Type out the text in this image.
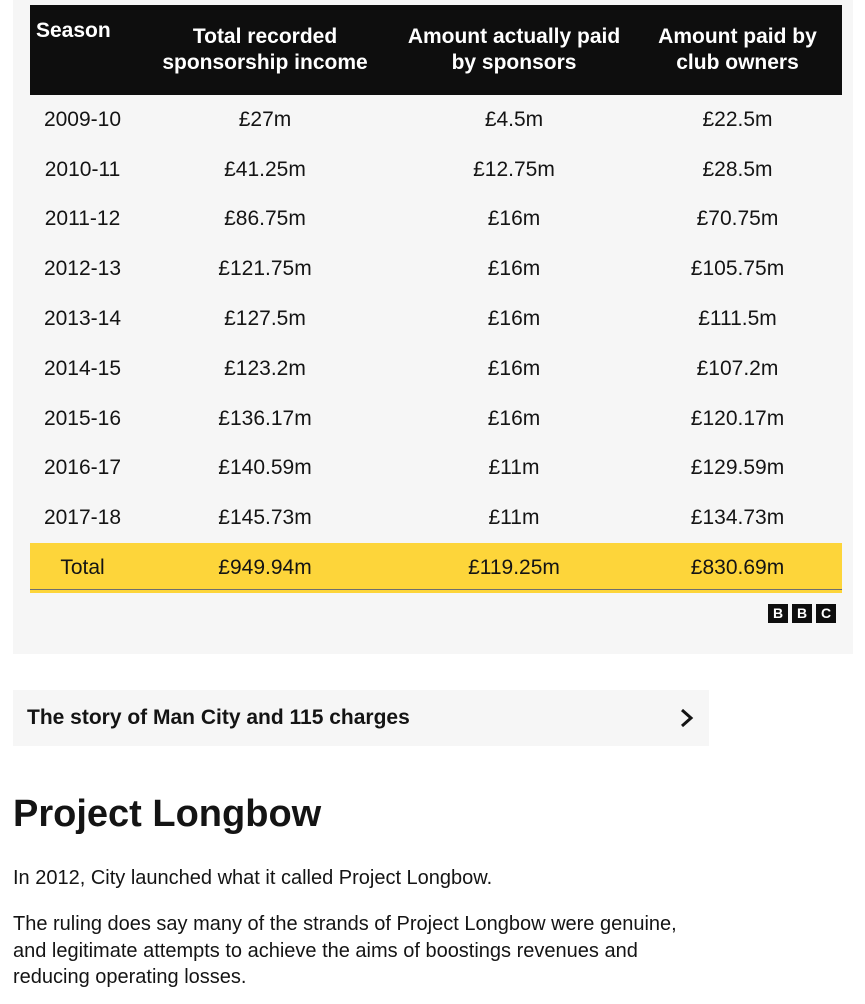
Season	Total recorded sponsorship income	Amount actually paid by sponsors	Amount paid by club owners
2009-10	£27m	£4.5m	£22.5m
2010-11	£41.25m	£12.75m	£28.5m
2011-12	£86.75m	£16m	£70.75m
2012-13	£121.75m	£16m	£105.75m
2013-14	£127.5m	£16m	£111.5m
2014-15	£123.2m	£16m	£107.2m
2015-16	£136.17m	£16m	£120.17m
2016-17	£140.59m	£11m	£129.59m
2017-18	£145.73m	£11m	£134.73m
Total	£949.94m	£119.25m	£830.69m
B B C
The story of Man City and 115 charges
Project Longbow

In 2012, City launched what it called Project Longbow.

The ruling does say many of the strands of Project Longbow were genuine, and legitimate attempts to achieve the aims of boostings revenues and reducing operating losses.
